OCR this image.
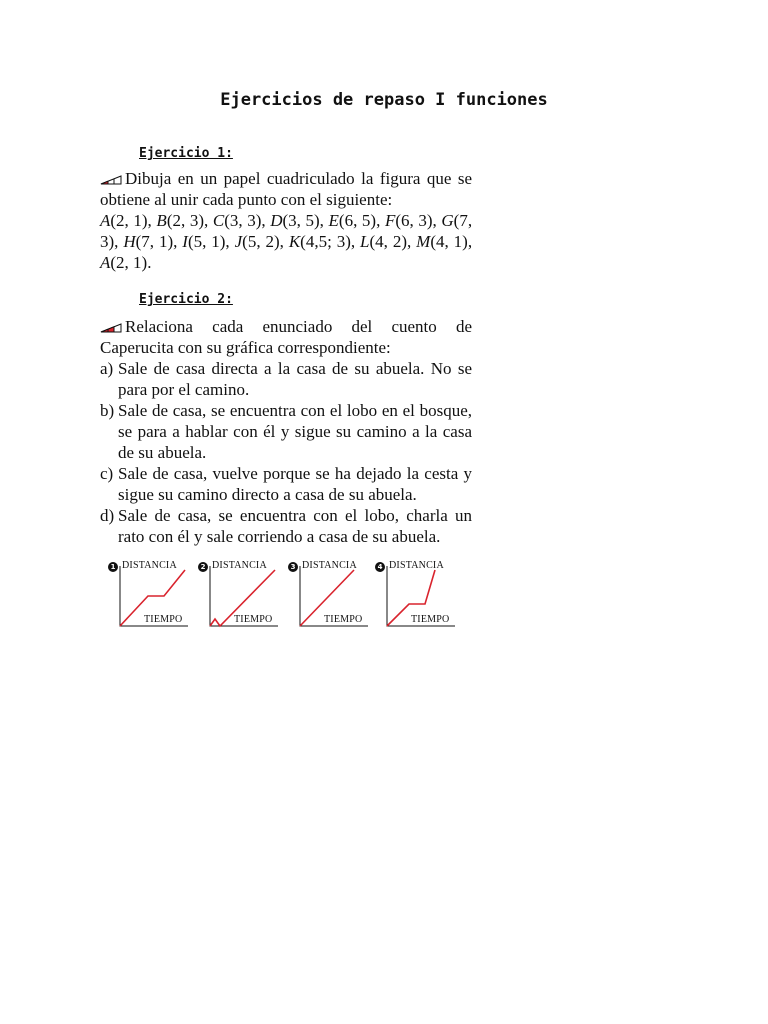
Ejercicios de repaso I funciones
Ejercicio 1:

Dibuja en un papel cuadriculado la figura que se obtiene al unir cada punto con el siguiente:

A(2, 1), B(2, 3), C(3, 3), D(3, 5), E(6, 5), F(6, 3), G(7, 3), H(7, 1), I(5, 1), J(5, 2), K(4,5; 3), L(4, 2), M(4, 1), A(2, 1).

Ejercicio 2:

Relaciona cada enunciado del cuento de Caperucita con su gráfica correspondiente:

a) Sale de casa directa a la casa de su abuela. No se para por el camino.
b) Sale de casa, se encuentra con el lobo en el bosque, se para a hablar con él y sigue su camino a la casa de su abuela.
c) Sale de casa, vuelve porque se ha dejado la cesta y sigue su camino directo a casa de su abuela.
d) Sale de casa, se encuentra con el lobo, charla un rato con él y sale corriendo a casa de su abuela.
1 DISTANCIA
TIEMPO
2 DISTANCIA
TIEMPO
3 DISTANCIA
TIEMPO
4 DISTANCIA
TIEMPO
